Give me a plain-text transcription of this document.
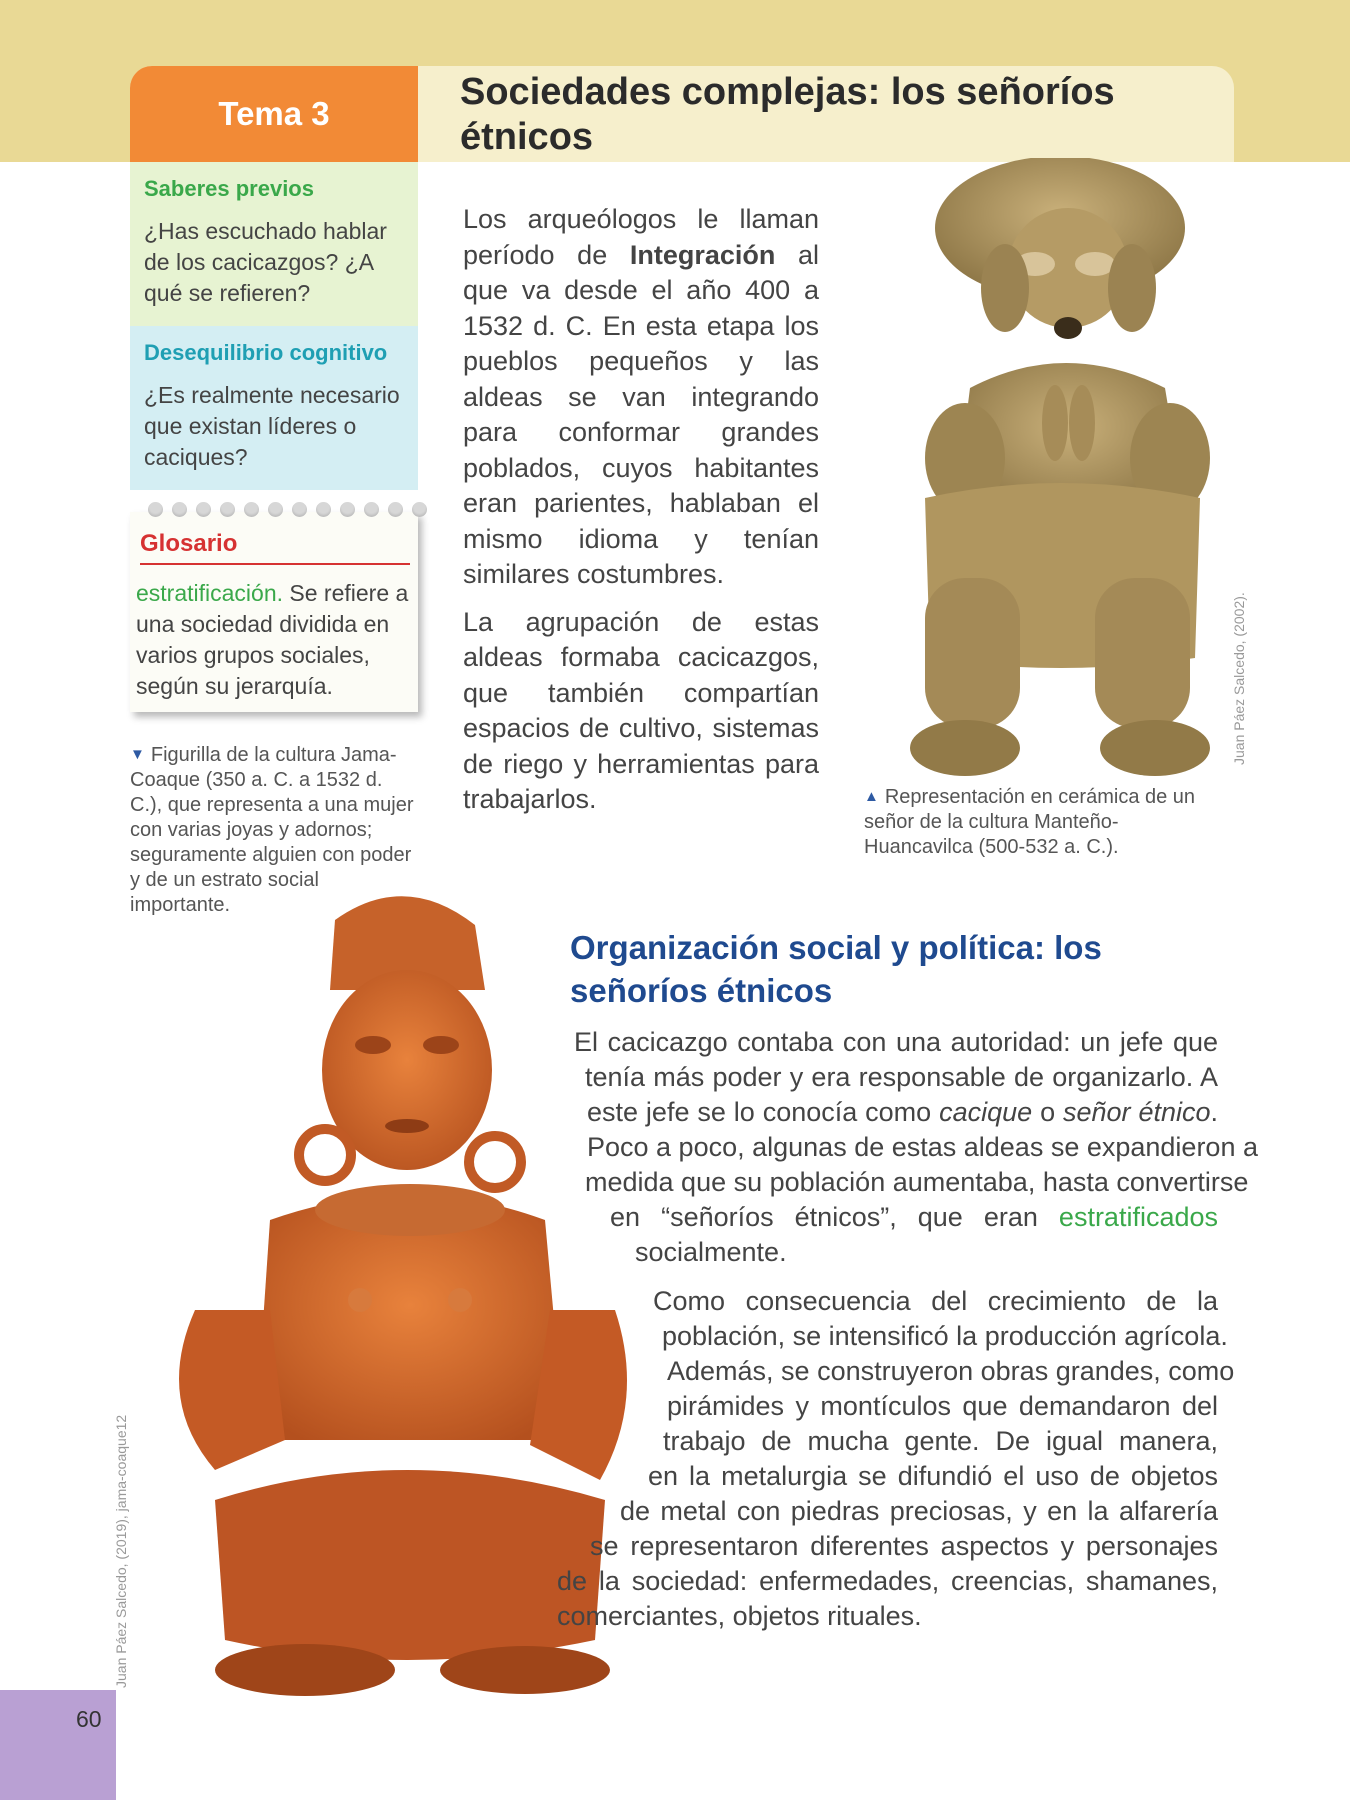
Tema 3
Sociedades complejas: los señoríos étnicos
Saberes previos
¿Has escuchado hablar de los cacicazgos? ¿A qué se refieren?
Desequilibrio cognitivo
¿Es realmente necesario que existan líderes o caciques?
Glosario
estratificación. Se refiere a una sociedad dividida en varios grupos sociales, según su jerarquía.
▼ Figurilla de la cultura Jama-Coaque (350 a. C. a 1532 d. C.), que representa a una mujer con varias joyas y adornos; seguramente alguien con poder y de un estrato social importante.

Los arqueólogos le llaman período de Integración al que va desde el año 400 a 1532 d. C. En esta etapa los pueblos pequeños y las aldeas se van integrando para conformar grandes poblados, cuyos habitantes eran parientes, hablaban el mismo idioma y tenían similares costumbres.

La agrupación de estas aldeas formaba cacicazgos, que también compartían espacios de cultivo, sistemas de riego y herramientas para trabajarlos.

Juan Páez Salcedo, (2002).
▲ Representación en cerámica de un señor de la cultura Manteño-Huancavilca (500-532 a. C.).
Juan Páez Salcedo, (2019), jama-coaque12
Organización social y política: los señoríos étnicos
El cacicazgo contaba con una autoridad: un jefe que
tenía más poder y era responsable de organizarlo. A
este jefe se lo conocía como cacique o señor étnico.
Poco a poco, algunas de estas aldeas se expandieron a
medida que su población aumentaba, hasta convertirse
en “señoríos étnicos”, que eran estratificados
socialmente.
Como consecuencia del crecimiento de la
población, se intensificó la producción agrícola.
Además, se construyeron obras grandes, como
pirámides y montículos que demandaron del
trabajo de mucha gente. De igual manera,
en la metalurgia se difundió el uso de objetos
de metal con piedras preciosas, y en la alfarería
se representaron diferentes aspectos y personajes
de la sociedad: enfermedades, creencias, shamanes,
comerciantes, objetos rituales.
60
